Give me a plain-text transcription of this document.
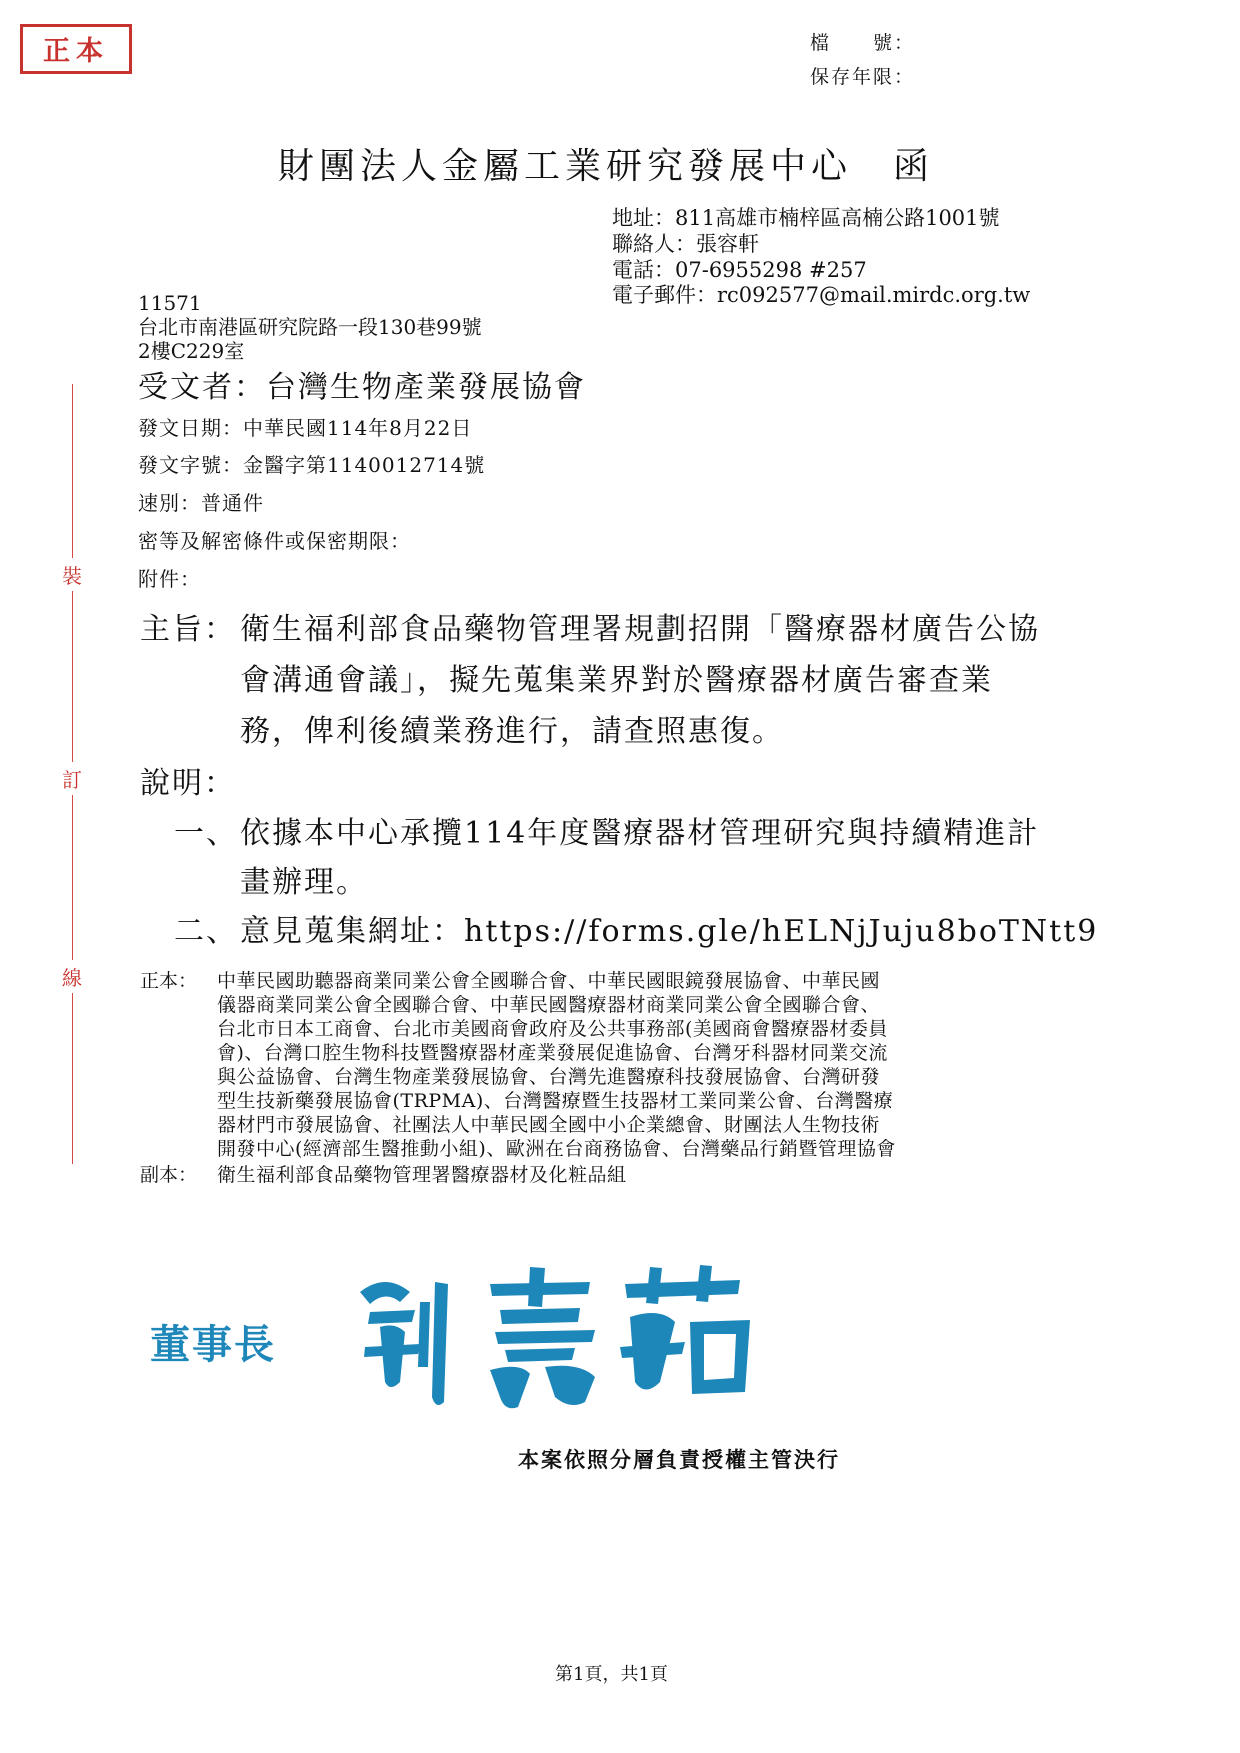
正本	檔　　號：
保存年限：
財團法人金屬工業研究發展中心　函
地址：811高雄市楠梓區高楠公路1001號
聯絡人：張容軒
電話：07-6955298 #257
電子郵件：rc092577@mail.mirdc.org.tw
11571
台北市南港區研究院路一段130巷99號
2樓C229室
受文者：台灣生物產業發展協會
發文日期：中華民國114年8月22日
發文字號：金醫字第1140012714號
速別：普通件
密等及解密條件或保密期限：
附件：
裝
訂
線
主旨： 衛生福利部食品藥物管理署規劃招開「醫療器材廣告公協
會溝通會議」，擬先蒐集業界對於醫療器材廣告審查業
務，俾利後續業務進行，請查照惠復。
說明：
一、 依據本中心承攬114年度醫療器材管理研究與持續精進計
畫辦理。
二、 意見蒐集網址：https://forms.gle/hELNjJuju8boTNtt9
正本： 中華民國助聽器商業同業公會全國聯合會、中華民國眼鏡發展協會、中華民國
儀器商業同業公會全國聯合會、中華民國醫療器材商業同業公會全國聯合會、
台北市日本工商會、台北市美國商會政府及公共事務部(美國商會醫療器材委員
會)、台灣口腔生物科技暨醫療器材產業發展促進協會、台灣牙科器材同業交流
與公益協會、台灣生物產業發展協會、台灣先進醫療科技發展協會、台灣研發
型生技新藥發展協會(TRPMA)、台灣醫療暨生技器材工業同業公會、台灣醫療
器材門市發展協會、社團法人中華民國全國中小企業總會、財團法人生物技術
開發中心(經濟部生醫推動小組)、歐洲在台商務協會、台灣藥品行銷暨管理協會
副本： 衛生福利部食品藥物管理署醫療器材及化粧品組
董事長
本案依照分層負責授權主管決行
第1頁，共1頁
